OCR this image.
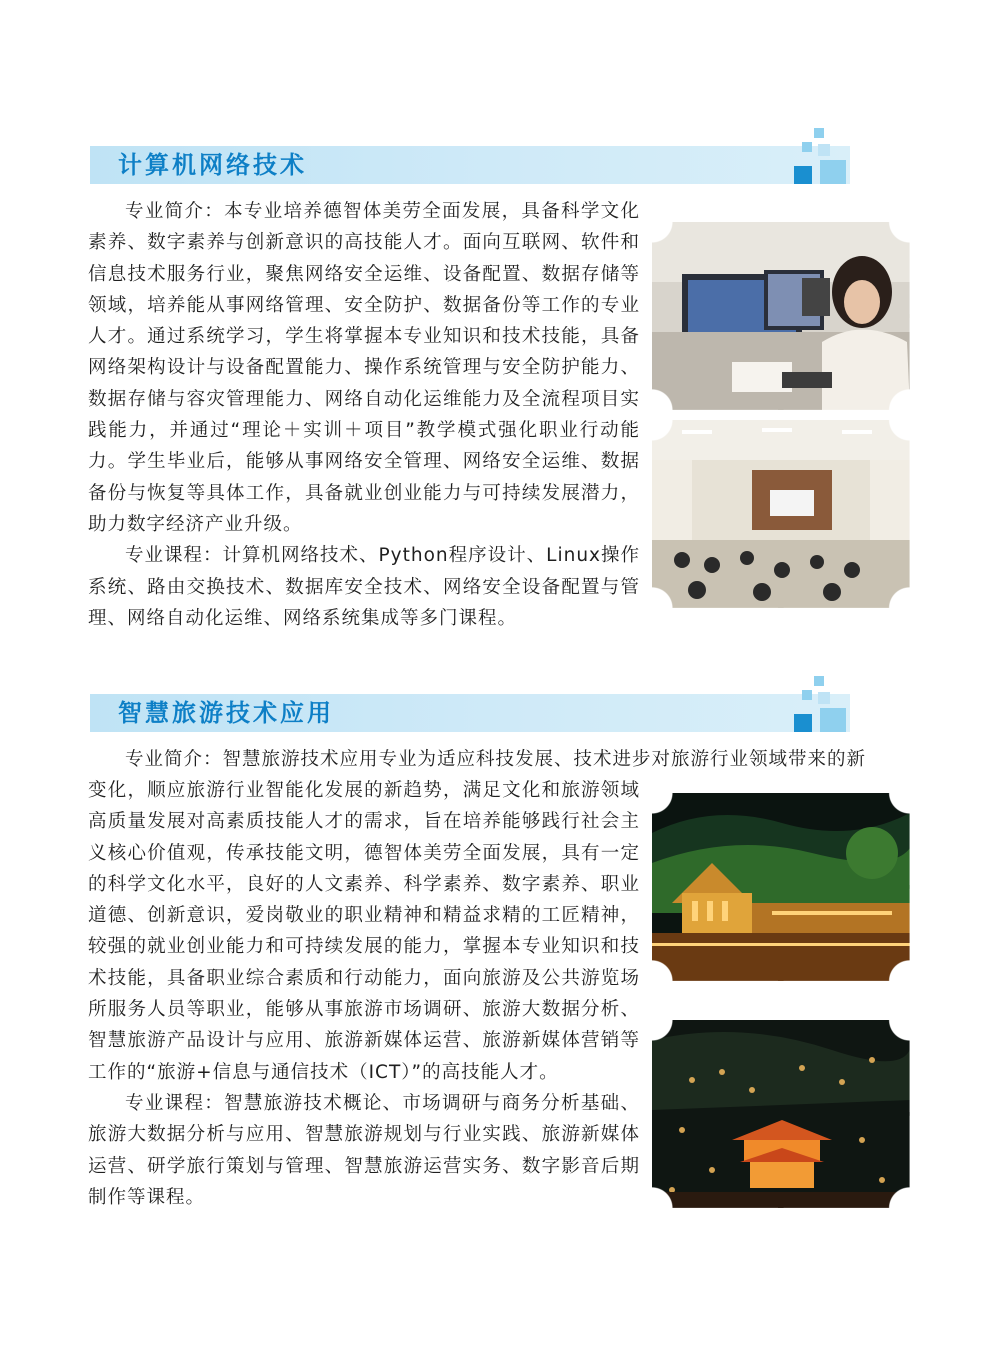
计算机网络技术

专业简介：本专业培养德智体美劳全面发展，具备科学文化素养、数字素养与创新意识的高技能人才。面向互联网、软件和信息技术服务行业，聚焦网络安全运维、设备配置、数据存储等领域，培养能从事网络管理、安全防护、数据备份等工作的专业人才。通过系统学习，学生将掌握本专业知识和技术技能，具备网络架构设计与设备配置能力、操作系统管理与安全防护能力、数据存储与容灾管理能力、网络自动化运维能力及全流程项目实践能力，并通过“理论＋实训＋项目”教学模式强化职业行动能力。学生毕业后，能够从事网络安全管理、网络安全运维、数据备份与恢复等具体工作，具备就业创业能力与可持续发展潜力，助力数字经济产业升级。

专业课程：计算机网络技术、Python程序设计、Linux操作系统、路由交换技术、数据库安全技术、网络安全设备配置与管理、网络自动化运维、网络系统集成等多门课程。

智慧旅游技术应用

专业简介：智慧旅游技术应用专业为适应科技发展、技术进步对旅游行业领域带来的新

变化，顺应旅游行业智能化发展的新趋势，满足文化和旅游领域高质量发展对高素质技能人才的需求，旨在培养能够践行社会主义核心价值观，传承技能文明，德智体美劳全面发展，具有一定的科学文化水平，良好的人文素养、科学素养、数字素养、职业道德、创新意识，爱岗敬业的职业精神和精益求精的工匠精神，较强的就业创业能力和可持续发展的能力，掌握本专业知识和技术技能，具备职业综合素质和行动能力，面向旅游及公共游览场所服务人员等职业，能够从事旅游市场调研、旅游大数据分析、智慧旅游产品设计与应用、旅游新媒体运营、旅游新媒体营销等工作的“旅游+信息与通信技术（ICT）”的高技能人才。

专业课程：智慧旅游技术概论、市场调研与商务分析基础、旅游大数据分析与应用、智慧旅游规划与行业实践、旅游新媒体运营、研学旅行策划与管理、智慧旅游运营实务、数字影音后期制作等课程。
